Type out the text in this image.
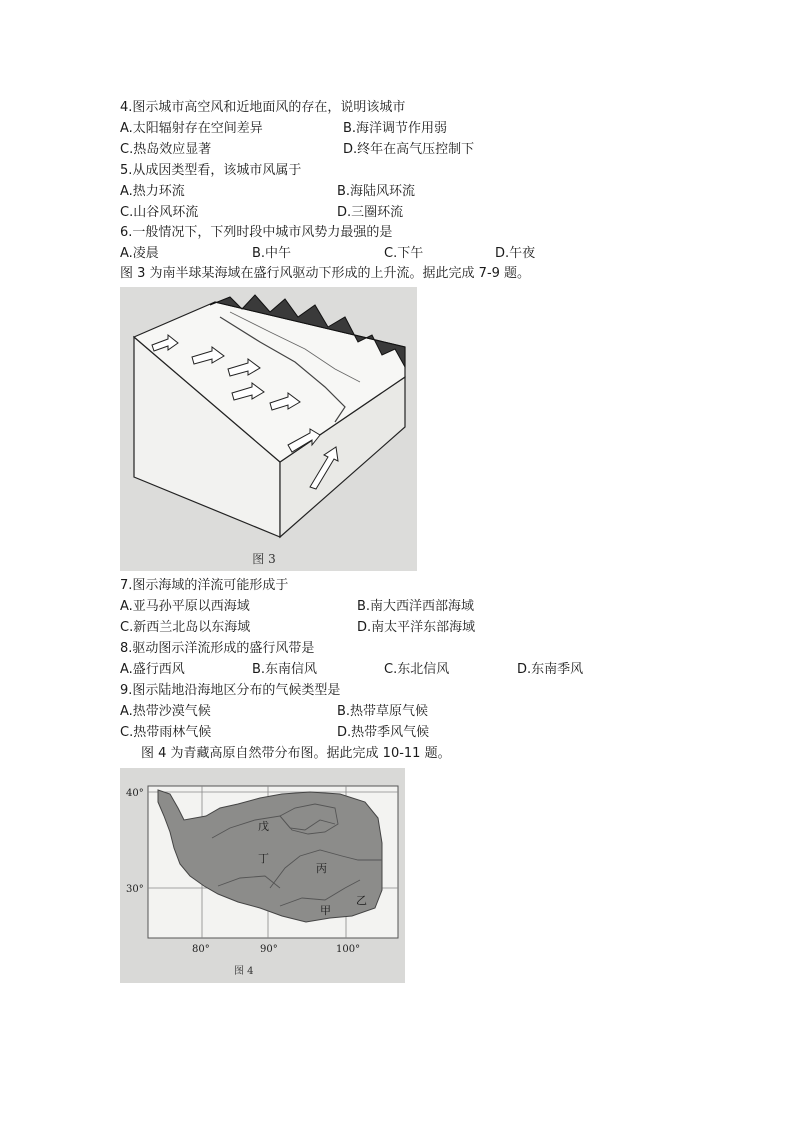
4.图示城市高空风和近地面风的存在，说明该城市
A.太阳辐射存在空间差异	B.海洋调节作用弱
C.热岛效应显著	D.终年在高气压控制下
5.从成因类型看，该城市风属于
A.热力环流	B.海陆风环流
C.山谷风环流	D.三圈环流
6.一般情况下，下列时段中城市风势力最强的是
A.凌晨	B.中午	C.下午	D.午夜
图 3 为南半球某海域在盛行风驱动下形成的上升流。据此完成 7-9 题。
图 3
7.图示海域的洋流可能形成于
A.亚马孙平原以西海域	B.南大西洋西部海域
C.新西兰北岛以东海域	D.南太平洋东部海域
8.驱动图示洋流形成的盛行风带是
A.盛行西风	B.东南信风	C.东北信风	D.东南季风
9.图示陆地沿海地区分布的气候类型是
A.热带沙漠气候	B.热带草原气候
C.热带雨林气候	D.热带季风气候
图 4 为青藏高原自然带分布图。据此完成 10-11 题。
戊
丁
丙
乙
甲
40°
30°
80°	90°	100°
图 4
